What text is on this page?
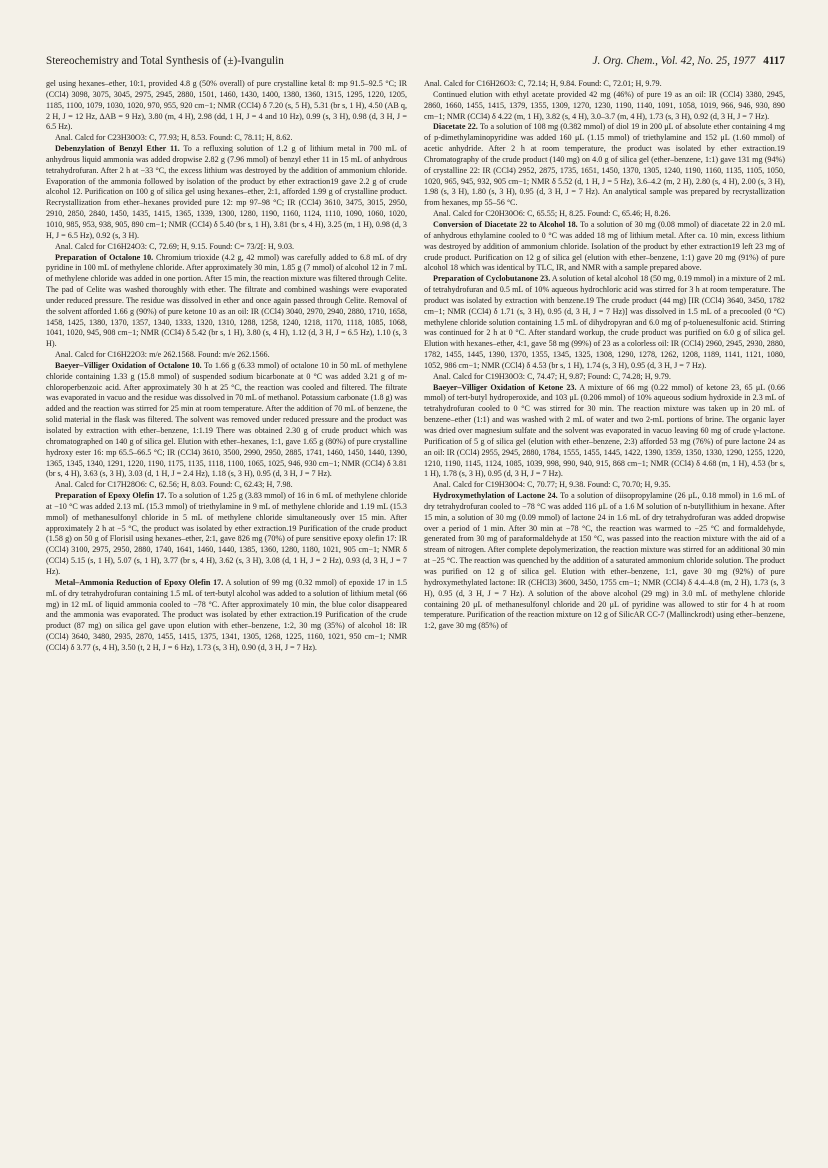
Stereochemistry and Total Synthesis of (±)-Ivangulin	J. Org. Chem., Vol. 42, No. 25, 1977 4117

gel using hexanes–ether, 10:1, provided 4.8 g (50% overall) of pure crystalline ketal 8: mp 91.5–92.5 °C; IR (CCl4) 3098, 3075, 3045, 2975, 2945, 2880, 1501, 1460, 1430, 1400, 1380, 1360, 1315, 1295, 1220, 1205, 1185, 1100, 1079, 1030, 1020, 970, 955, 920 cm−1; NMR (CCl4) δ 7.20 (s, 5 H), 5.31 (br s, 1 H), 4.50 (AB q, 2 H, J = 12 Hz, ΔAB = 9 Hz), 3.80 (m, 4 H), 2.98 (dd, 1 H, J = 4 and 10 Hz), 0.99 (s, 3 H), 0.98 (d, 3 H, J = 6.5 Hz).

Anal. Calcd for C23H30O3: C, 77.93; H, 8.53. Found: C, 78.11; H, 8.62.

Debenzylation of Benzyl Ether 11. To a refluxing solution of 1.2 g of lithium metal in 700 mL of anhydrous liquid ammonia was added dropwise 2.82 g (7.96 mmol) of benzyl ether 11 in 15 mL of anhydrous tetrahydrofuran. After 2 h at −33 °C, the excess lithium was destroyed by the addition of ammonium chloride. Evaporation of the ammonia followed by isolation of the product by ether extraction19 gave 2.2 g of crude alcohol 12. Purification on 100 g of silica gel using hexanes–ether, 2:1, afforded 1.99 g of crystalline product. Recrystallization from ether–hexanes provided pure 12: mp 97–98 °C; IR (CCl4) 3610, 3475, 3015, 2950, 2910, 2850, 2840, 1450, 1435, 1415, 1365, 1339, 1300, 1280, 1190, 1160, 1124, 1110, 1090, 1060, 1020, 1010, 985, 953, 938, 905, 890 cm−1; NMR (CCl4) δ 5.40 (br s, 1 H), 3.81 (br s, 4 H), 3.25 (m, 1 H), 0.98 (d, 3 H, J = 6.5 Hz), 0.92 (s, 3 H).

Anal. Calcd for C16H24O3: C, 72.69; H, 9.15. Found: C= 73/2[: H, 9.03.

Preparation of Octalone 10. Chromium trioxide (4.2 g, 42 mmol) was carefully added to 6.8 mL of dry pyridine in 100 mL of methylene chloride. After approximately 30 min, 1.85 g (7 mmol) of alcohol 12 in 7 mL of methylene chloride was added in one portion. After 15 min, the reaction mixture was filtered through Celite. The pad of Celite was washed thoroughly with ether. The filtrate and combined washings were evaporated under reduced pressure. The residue was dissolved in ether and once again passed through Celite. Removal of the solvent afforded 1.66 g (90%) of pure ketone 10 as an oil: IR (CCl4) 3040, 2970, 2940, 2880, 1710, 1658, 1458, 1425, 1380, 1370, 1357, 1340, 1333, 1320, 1310, 1288, 1258, 1240, 1218, 1170, 1118, 1085, 1068, 1041, 1020, 945, 908 cm−1; NMR (CCl4) δ 5.42 (br s, 1 H), 3.80 (s, 4 H), 1.12 (d, 3 H, J = 6.5 Hz), 1.10 (s, 3 H).

Anal. Calcd for C16H22O3: m/e 262.1568. Found: m/e 262.1566.

Baeyer–Villiger Oxidation of Octalone 10. To 1.66 g (6.33 mmol) of octalone 10 in 50 mL of methylene chloride containing 1.33 g (15.8 mmol) of suspended sodium bicarbonate at 0 °C was added 3.21 g of m-chloroperbenzoic acid. After approximately 30 h at 25 °C, the reaction was cooled and filtered. The filtrate was evaporated in vacuo and the residue was dissolved in 70 mL of methanol. Potassium carbonate (1.8 g) was added and the reaction was stirred for 25 min at room temperature. After the addition of 70 mL of benzene, the solid material in the flask was filtered. The solvent was removed under reduced pressure and the product was isolated by extraction with ether–benzene, 1:1.19 There was obtained 2.30 g of crude product which was chromatographed on 140 g of silica gel. Elution with ether–hexanes, 1:1, gave 1.65 g (80%) of pure crystalline hydroxy ester 16: mp 65.5–66.5 °C; IR (CCl4) 3610, 3500, 2990, 2950, 2885, 1741, 1460, 1450, 1440, 1390, 1365, 1345, 1340, 1291, 1220, 1190, 1175, 1135, 1118, 1100, 1065, 1025, 946, 930 cm−1; NMR (CCl4) δ 3.81 (br s, 4 H), 3.63 (s, 3 H), 3.03 (d, 1 H, J = 2.4 Hz), 1.18 (s, 3 H), 0.95 (d, 3 H, J = 7 Hz).

Anal. Calcd for C17H28O6: C, 62.56; H, 8.03. Found: C, 62.43; H, 7.98.

Preparation of Epoxy Olefin 17. To a solution of 1.25 g (3.83 mmol) of 16 in 6 mL of methylene chloride at −10 °C was added 2.13 mL (15.3 mmol) of triethylamine in 9 mL of methylene chloride and 1.19 mL (15.3 mmol) of methanesulfonyl chloride in 5 mL of methylene chloride simultaneously over 15 min. After approximately 2 h at −5 °C, the product was isolated by ether extraction.19 Purification of the crude product (1.58 g) on 50 g of Florisil using hexanes–ether, 2:1, gave 826 mg (70%) of pure sensitive epoxy olefin 17: IR (CCl4) 3100, 2975, 2950, 2880, 1740, 1641, 1460, 1440, 1385, 1360, 1280, 1180, 1021, 905 cm−1; NMR δ (CCl4) 5.15 (s, 1 H), 5.07 (s, 1 H), 3.77 (br s, 4 H), 3.62 (s, 3 H), 3.08 (d, 1 H, J = 2 Hz), 0.93 (d, 3 H, J = 7 Hz).

Metal–Ammonia Reduction of Epoxy Olefin 17. A solution of 99 mg (0.32 mmol) of epoxide 17 in 1.5 mL of dry tetrahydrofuran containing 1.5 mL of tert-butyl alcohol was added to a solution of lithium metal (66 mg) in 12 mL of liquid ammonia cooled to −78 °C. After approximately 10 min, the blue color disappeared and the ammonia was evaporated. The product was isolated by ether extraction.19 Purification of the crude product (87 mg) on silica gel gave upon elution with ether–benzene, 1:2, 30 mg (35%) of alcohol 18: IR (CCl4) 3640, 3480, 2935, 2870, 1455, 1415, 1375, 1341, 1305, 1268, 1225, 1160, 1021, 950 cm−1; NMR (CCl4) δ 3.77 (s, 4 H), 3.50 (t, 2 H, J = 6 Hz), 1.73 (s, 3 H), 0.90 (d, 3 H, J = 7 Hz).

Anal. Calcd for C16H26O3: C, 72.14; H, 9.84. Found: C, 72.01; H, 9.79.

Continued elution with ethyl acetate provided 42 mg (46%) of pure 19 as an oil: IR (CCl4) 3380, 2945, 2860, 1660, 1455, 1415, 1379, 1355, 1309, 1270, 1230, 1190, 1140, 1091, 1058, 1019, 966, 946, 930, 890 cm−1; NMR (CCl4) δ 4.22 (m, 1 H), 3.82 (s, 4 H), 3.0–3.7 (m, 4 H), 1.73 (s, 3 H), 0.92 (d, 3 H, J = 7 Hz).

Diacetate 22. To a solution of 108 mg (0.382 mmol) of diol 19 in 200 μL of absolute ether containing 4 mg of p-dimethylaminopyridine was added 160 μL (1.15 mmol) of triethylamine and 152 μL (1.60 mmol) of acetic anhydride. After 2 h at room temperature, the product was isolated by ether extraction.19 Chromatography of the crude product (140 mg) on 4.0 g of silica gel (ether–benzene, 1:1) gave 131 mg (94%) of crystalline 22: IR (CCl4) 2952, 2875, 1735, 1651, 1450, 1370, 1305, 1240, 1190, 1160, 1135, 1105, 1050, 1020, 965, 945, 932, 905 cm−1; NMR δ 5.52 (d, 1 H, J = 5 Hz), 3.6–4.2 (m, 2 H), 2.80 (s, 4 H), 2.00 (s, 3 H), 1.98 (s, 3 H), 1.80 (s, 3 H), 0.95 (d, 3 H, J = 7 Hz). An analytical sample was prepared by recrystallization from hexanes, mp 55–56 °C.

Anal. Calcd for C20H30O6: C, 65.55; H, 8.25. Found: C, 65.46; H, 8.26.

Conversion of Diacetate 22 to Alcohol 18. To a solution of 30 mg (0.08 mmol) of diacetate 22 in 2.0 mL of anhydrous ethylamine cooled to 0 °C was added 18 mg of lithium metal. After ca. 10 min, excess lithium was destroyed by addition of ammonium chloride. Isolation of the product by ether extraction19 left 23 mg of crude product. Purification on 12 g of silica gel (elution with ether–benzene, 1:1) gave 20 mg (91%) of pure alcohol 18 which was identical by TLC, IR, and NMR with a sample prepared above.

Preparation of Cyclobutanone 23. A solution of ketal alcohol 18 (50 mg, 0.19 mmol) in a mixture of 2 mL of tetrahydrofuran and 0.5 mL of 10% aqueous hydrochloric acid was stirred for 3 h at room temperature. The product was isolated by extraction with benzene.19 The crude product (44 mg) [IR (CCl4) 3640, 3450, 1782 cm−1; NMR (CCl4) δ 1.71 (s, 3 H), 0.95 (d, 3 H, J = 7 Hz)] was dissolved in 1.5 mL of a precooled (0 °C) methylene chloride solution containing 1.5 mL of dihydropyran and 6.0 mg of p-toluenesulfonic acid. Stirring was continued for 2 h at 0 °C. After standard workup, the crude product was purified on 6.0 g of silica gel. Elution with hexanes–ether, 4:1, gave 58 mg (99%) of 23 as a colorless oil: IR (CCl4) 2960, 2945, 2930, 2880, 1782, 1455, 1445, 1390, 1370, 1355, 1345, 1325, 1308, 1290, 1278, 1262, 1208, 1189, 1141, 1121, 1080, 1052, 986 cm−1; NMR (CCl4) δ 4.53 (br s, 1 H), 1.74 (s, 3 H), 0.95 (d, 3 H, J = 7 Hz).

Anal. Calcd for C19H30O3: C, 74.47; H, 9.87; Found: C, 74.28; H, 9.79.

Baeyer–Villiger Oxidation of Ketone 23. A mixture of 66 mg (0.22 mmol) of ketone 23, 65 μL (0.66 mmol) of tert-butyl hydroperoxide, and 103 μL (0.206 mmol) of 10% aqueous sodium hydroxide in 2.3 mL of tetrahydrofuran cooled to 0 °C was stirred for 30 min. The reaction mixture was taken up in 20 mL of benzene–ether (1:1) and was washed with 2 mL of water and two 2-mL portions of brine. The organic layer was dried over magnesium sulfate and the solvent was evaporated in vacuo leaving 60 mg of crude γ-lactone. Purification of 5 g of silica gel (elution with ether–benzene, 2:3) afforded 53 mg (76%) of pure lactone 24 as an oil: IR (CCl4) 2955, 2945, 2880, 1784, 1555, 1455, 1445, 1422, 1390, 1359, 1350, 1330, 1290, 1255, 1220, 1210, 1190, 1145, 1124, 1085, 1039, 998, 990, 940, 915, 868 cm−1; NMR (CCl4) δ 4.68 (m, 1 H), 4.53 (br s, 1 H), 1.78 (s, 3 H), 0.95 (d, 3 H, J = 7 Hz).

Anal. Calcd for C19H30O4: C, 70.77; H, 9.38. Found: C, 70.70; H, 9.35.

Hydroxymethylation of Lactone 24. To a solution of diisopropylamine (26 μL, 0.18 mmol) in 1.6 mL of dry tetrahydrofuran cooled to −78 °C was added 116 μL of a 1.6 M solution of n-butyllithium in hexane. After 15 min, a solution of 30 mg (0.09 mmol) of lactone 24 in 1.6 mL of dry tetrahydrofuran was added dropwise over a period of 1 min. After 30 min at −78 °C, the reaction was warmed to −25 °C and formaldehyde, generated from 30 mg of paraformaldehyde at 150 °C, was passed into the reaction mixture with the aid of a stream of nitrogen. After complete depolymerization, the reaction mixture was stirred for an additional 30 min at −25 °C. The reaction was quenched by the addition of a saturated ammonium chloride solution. The product was purified on 12 g of silica gel. Elution with ether–benzene, 1:1, gave 30 mg (92%) of pure hydroxymethylated lactone: IR (CHCl3) 3600, 3450, 1755 cm−1; NMR (CCl4) δ 4.4–4.8 (m, 2 H), 1.73 (s, 3 H), 0.95 (d, 3 H, J = 7 Hz). A solution of the above alcohol (29 mg) in 3.0 mL of methylene chloride containing 20 μL of methanesulfonyl chloride and 20 μL of pyridine was allowed to stir for 4 h at room temperature. Purification of the reaction mixture on 12 g of SilicAR CC-7 (Mallinckrodt) using ether–benzene, 1:2, gave 30 mg (85%) of
